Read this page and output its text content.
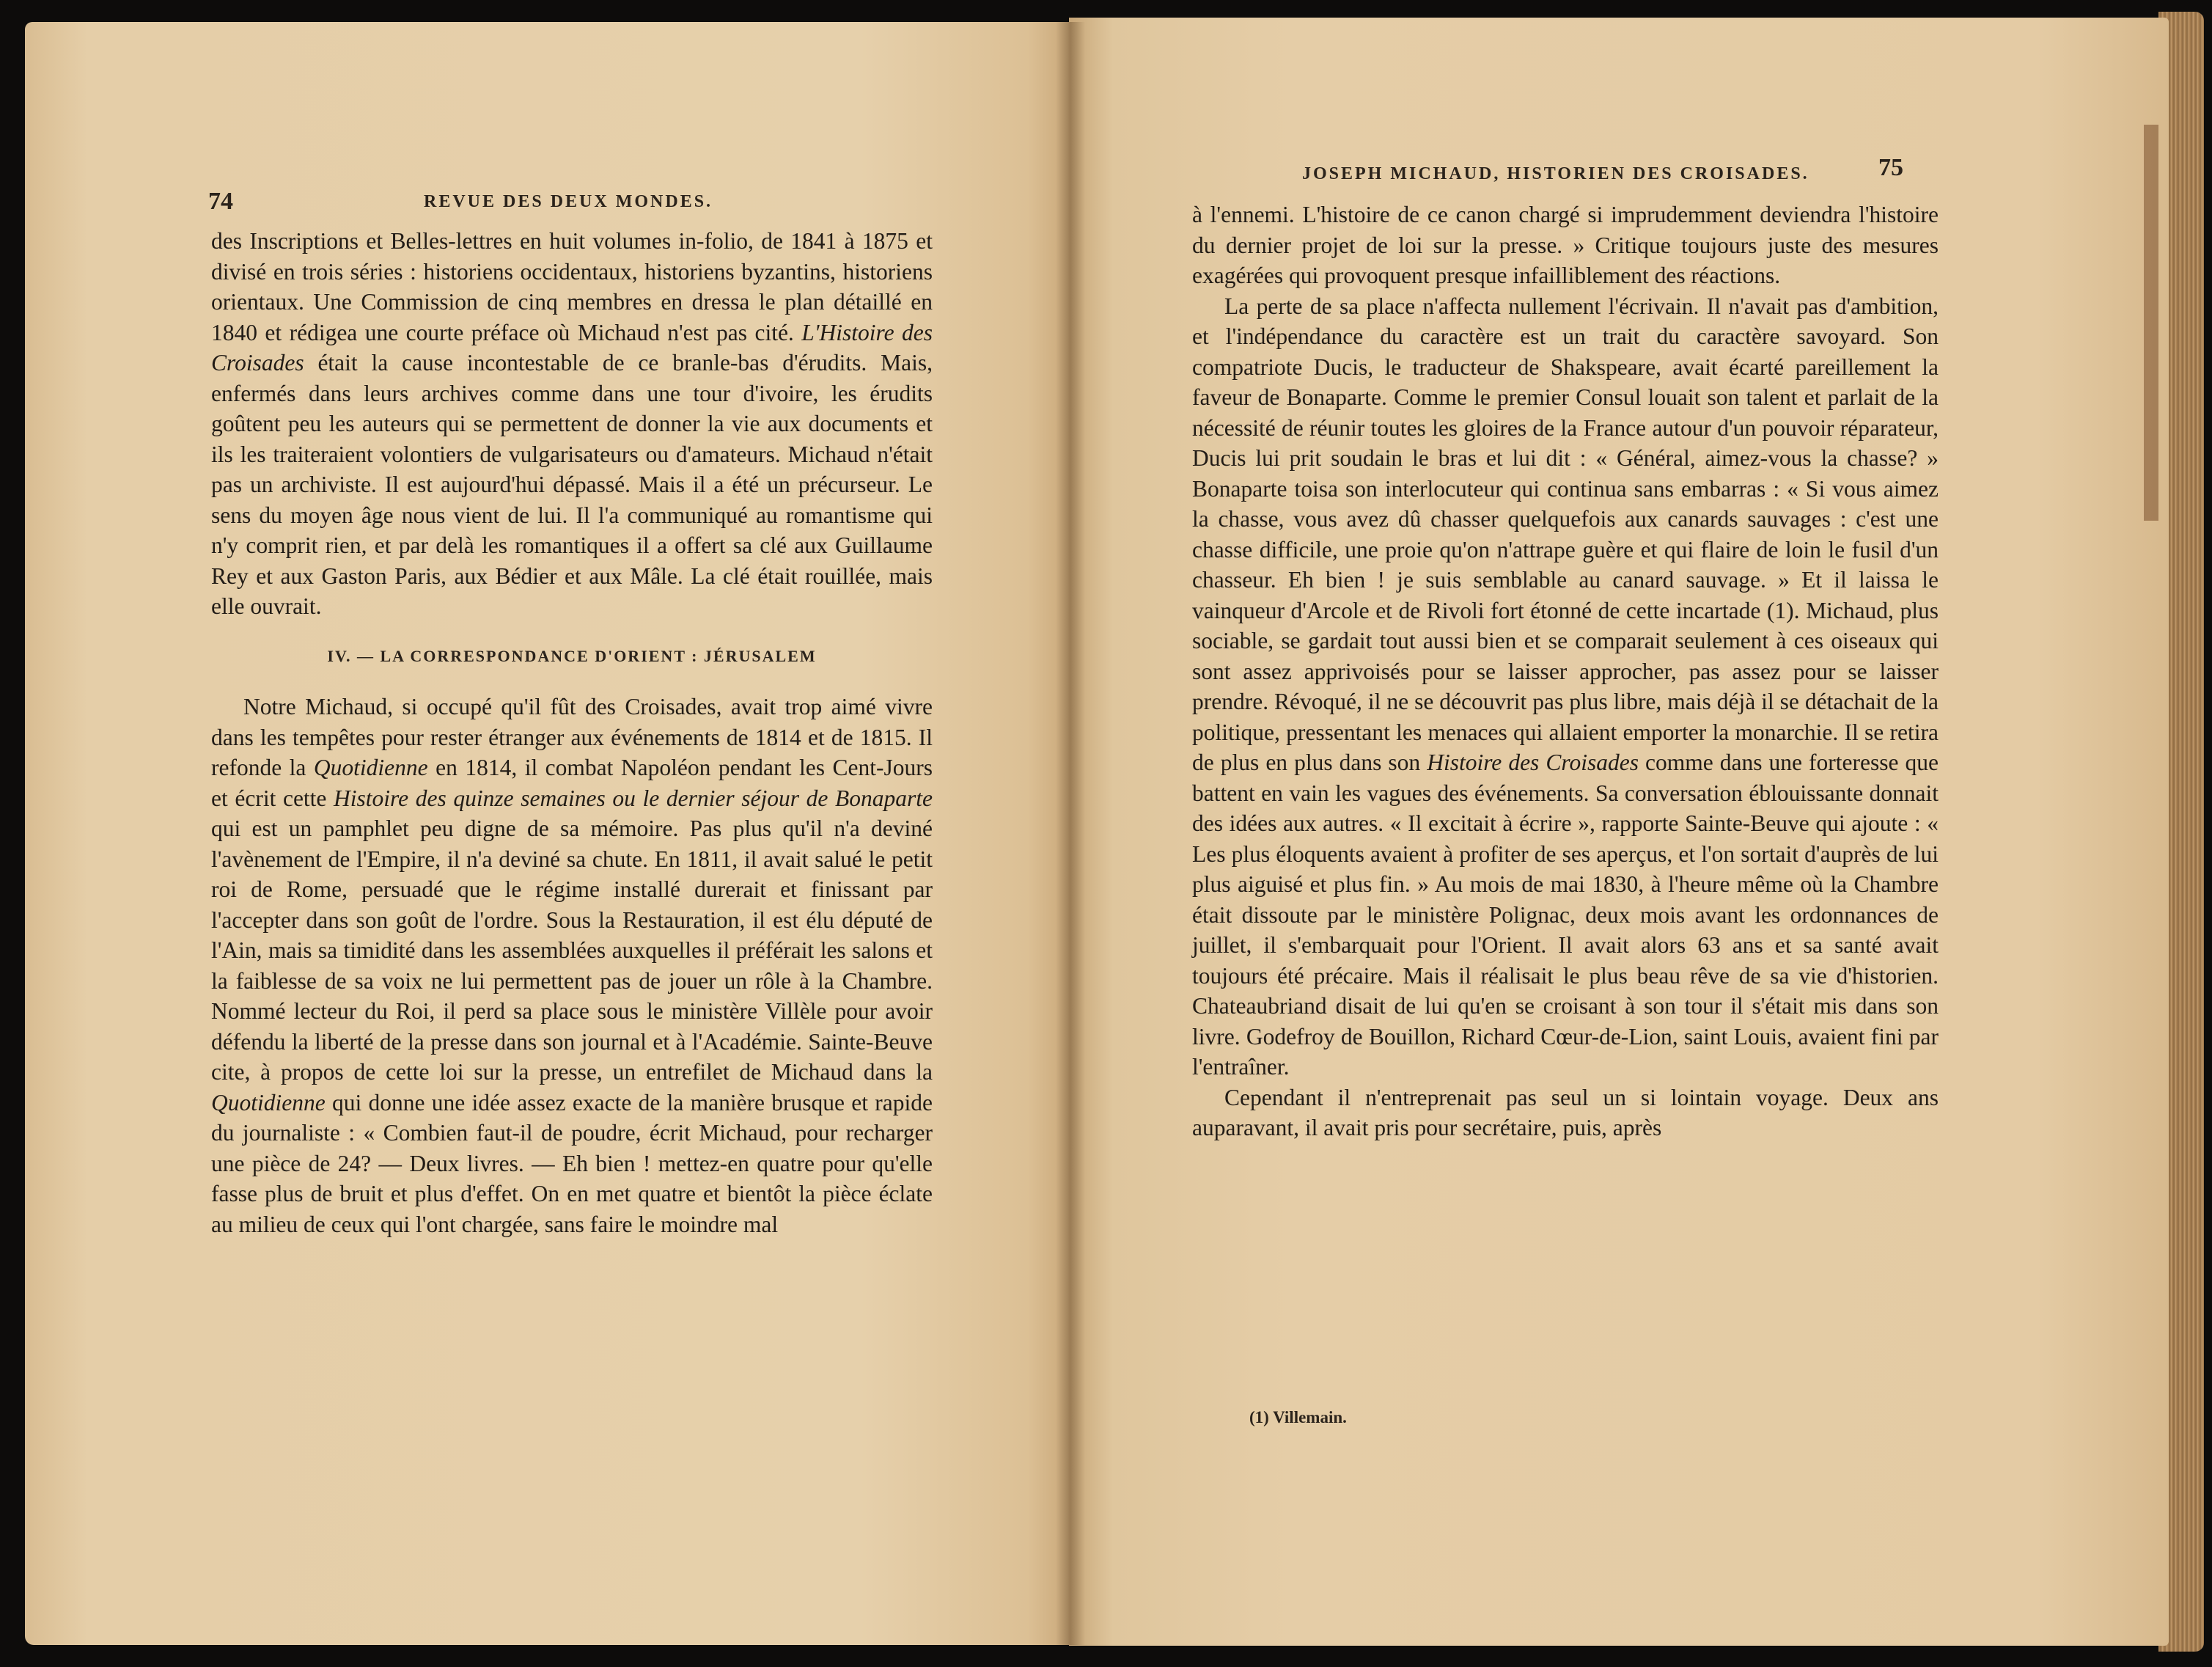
74	REVUE DES DEUX MONDES.

des Inscriptions et Belles-lettres en huit volumes in-folio, de 1841 à 1875 et divisé en trois séries : historiens occidentaux, historiens byzantins, historiens orientaux. Une Commission de cinq membres en dressa le plan détaillé en 1840 et rédigea une courte préface où Michaud n'est pas cité. L'Histoire des Croisades était la cause incontestable de ce branle-bas d'érudits. Mais, enfermés dans leurs archives comme dans une tour d'ivoire, les érudits goûtent peu les auteurs qui se permettent de donner la vie aux documents et ils les traiteraient volontiers de vulgarisateurs ou d'amateurs. Michaud n'était pas un archiviste. Il est aujourd'hui dépassé. Mais il a été un précurseur. Le sens du moyen âge nous vient de lui. Il l'a communiqué au romantisme qui n'y comprit rien, et par delà les romantiques il a offert sa clé aux Guillaume Rey et aux Gaston Paris, aux Bédier et aux Mâle. La clé était rouillée, mais elle ouvrait.

IV. — LA CORRESPONDANCE D'ORIENT : JÉRUSALEM

Notre Michaud, si occupé qu'il fût des Croisades, avait trop aimé vivre dans les tempêtes pour rester étranger aux événements de 1814 et de 1815. Il refonde la Quotidienne en 1814, il combat Napoléon pendant les Cent-Jours et écrit cette Histoire des quinze semaines ou le dernier séjour de Bonaparte qui est un pamphlet peu digne de sa mémoire. Pas plus qu'il n'a deviné l'avènement de l'Empire, il n'a deviné sa chute. En 1811, il avait salué le petit roi de Rome, persuadé que le régime installé durerait et finissant par l'accepter dans son goût de l'ordre. Sous la Restauration, il est élu député de l'Ain, mais sa timidité dans les assemblées auxquelles il préférait les salons et la faiblesse de sa voix ne lui permettent pas de jouer un rôle à la Chambre. Nommé lecteur du Roi, il perd sa place sous le ministère Villèle pour avoir défendu la liberté de la presse dans son journal et à l'Académie. Sainte-Beuve cite, à propos de cette loi sur la presse, un entrefilet de Michaud dans la Quotidienne qui donne une idée assez exacte de la manière brusque et rapide du journaliste : « Combien faut-il de poudre, écrit Michaud, pour recharger une pièce de 24? — Deux livres. — Eh bien ! mettez-en quatre pour qu'elle fasse plus de bruit et plus d'effet. On en met quatre et bientôt la pièce éclate au milieu de ceux qui l'ont chargée, sans faire le moindre mal

JOSEPH MICHAUD, HISTORIEN DES CROISADES.	75

à l'ennemi. L'histoire de ce canon chargé si imprudemment deviendra l'histoire du dernier projet de loi sur la presse. » Critique toujours juste des mesures exagérées qui provoquent presque infailliblement des réactions.

La perte de sa place n'affecta nullement l'écrivain. Il n'avait pas d'ambition, et l'indépendance du caractère est un trait du caractère savoyard. Son compatriote Ducis, le traducteur de Shakspeare, avait écarté pareillement la faveur de Bonaparte. Comme le premier Consul louait son talent et parlait de la nécessité de réunir toutes les gloires de la France autour d'un pouvoir réparateur, Ducis lui prit soudain le bras et lui dit : « Général, aimez-vous la chasse? » Bonaparte toisa son interlocuteur qui continua sans embarras : « Si vous aimez la chasse, vous avez dû chasser quelquefois aux canards sauvages : c'est une chasse difficile, une proie qu'on n'attrape guère et qui flaire de loin le fusil d'un chasseur. Eh bien ! je suis semblable au canard sauvage. » Et il laissa le vainqueur d'Arcole et de Rivoli fort étonné de cette incartade (1). Michaud, plus sociable, se gardait tout aussi bien et se comparait seulement à ces oiseaux qui sont assez apprivoisés pour se laisser approcher, pas assez pour se laisser prendre. Révoqué, il ne se découvrit pas plus libre, mais déjà il se détachait de la politique, pressentant les menaces qui allaient emporter la monarchie. Il se retira de plus en plus dans son Histoire des Croisades comme dans une forteresse que battent en vain les vagues des événements. Sa conversation éblouissante donnait des idées aux autres. « Il excitait à écrire », rapporte Sainte-Beuve qui ajoute : « Les plus éloquents avaient à profiter de ses aperçus, et l'on sortait d'auprès de lui plus aiguisé et plus fin. » Au mois de mai 1830, à l'heure même où la Chambre était dissoute par le ministère Polignac, deux mois avant les ordonnances de juillet, il s'embarquait pour l'Orient. Il avait alors 63 ans et sa santé avait toujours été précaire. Mais il réalisait le plus beau rêve de sa vie d'historien. Chateaubriand disait de lui qu'en se croisant à son tour il s'était mis dans son livre. Godefroy de Bouillon, Richard Cœur-de-Lion, saint Louis, avaient fini par l'entraîner.

Cependant il n'entreprenait pas seul un si lointain voyage. Deux ans auparavant, il avait pris pour secrétaire, puis, après

(1) Villemain.
